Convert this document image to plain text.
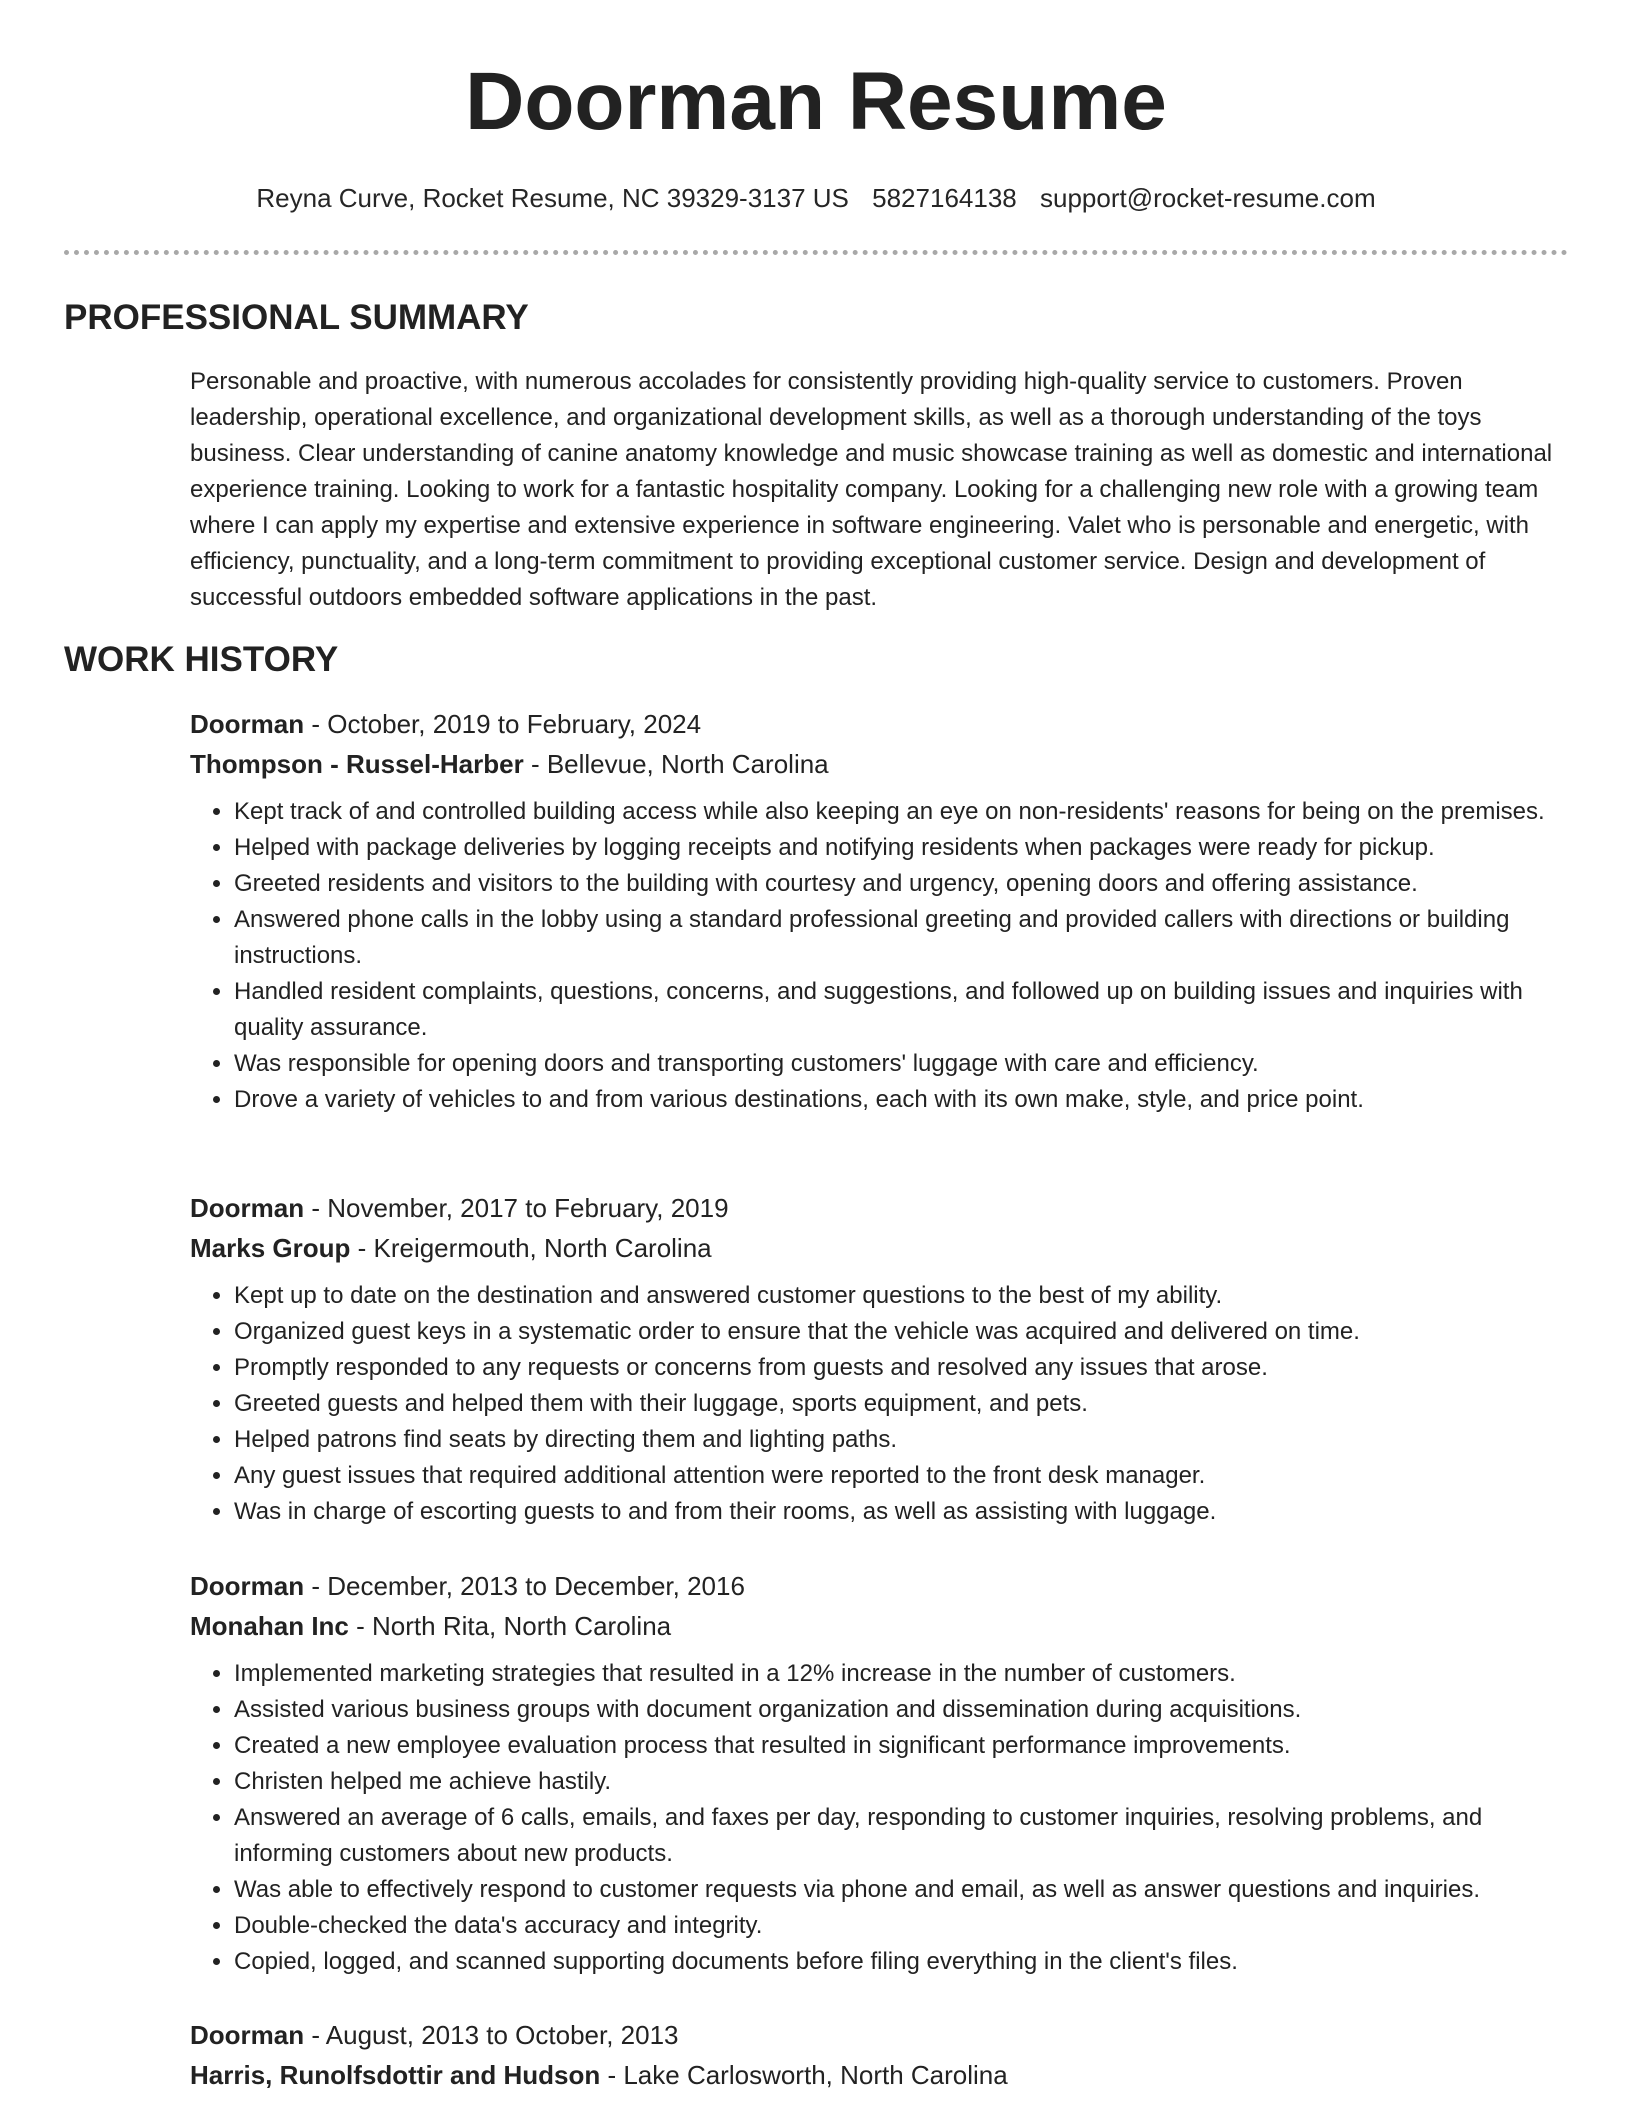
Doorman Resume
Reyna Curve, Rocket Resume, NC 39329-3137 US 5827164138 support@rocket-resume.com
PROFESSIONAL SUMMARY
Personable and proactive, with numerous accolades for consistently providing high-quality service to customers. Proven leadership, operational excellence, and organizational development skills, as well as a thorough understanding of the toys business. Clear understanding of canine anatomy knowledge and music showcase training as well as domestic and international experience training. Looking to work for a fantastic hospitality company. Looking for a challenging new role with a growing team where I can apply my expertise and extensive experience in software engineering. Valet who is personable and energetic, with efficiency, punctuality, and a long-term commitment to providing exceptional customer service. Design and development of successful outdoors embedded software applications in the past.
WORK HISTORY
Doorman - October, 2019 to February, 2024
Thompson - Russel-Harber - Bellevue, North Carolina
• Kept track of and controlled building access while also keeping an eye on non-residents' reasons for being on the premises.
• Helped with package deliveries by logging receipts and notifying residents when packages were ready for pickup.
• Greeted residents and visitors to the building with courtesy and urgency, opening doors and offering assistance.
• Answered phone calls in the lobby using a standard professional greeting and provided callers with directions or building instructions.
• Handled resident complaints, questions, concerns, and suggestions, and followed up on building issues and inquiries with quality assurance.
• Was responsible for opening doors and transporting customers' luggage with care and efficiency.
• Drove a variety of vehicles to and from various destinations, each with its own make, style, and price point.
Doorman - November, 2017 to February, 2019
Marks Group - Kreigermouth, North Carolina
• Kept up to date on the destination and answered customer questions to the best of my ability.
• Organized guest keys in a systematic order to ensure that the vehicle was acquired and delivered on time.
• Promptly responded to any requests or concerns from guests and resolved any issues that arose.
• Greeted guests and helped them with their luggage, sports equipment, and pets.
• Helped patrons find seats by directing them and lighting paths.
• Any guest issues that required additional attention were reported to the front desk manager.
• Was in charge of escorting guests to and from their rooms, as well as assisting with luggage.
Doorman - December, 2013 to December, 2016
Monahan Inc - North Rita, North Carolina
• Implemented marketing strategies that resulted in a 12% increase in the number of customers.
• Assisted various business groups with document organization and dissemination during acquisitions.
• Created a new employee evaluation process that resulted in significant performance improvements.
• Christen helped me achieve hastily.
• Answered an average of 6 calls, emails, and faxes per day, responding to customer inquiries, resolving problems, and informing customers about new products.
• Was able to effectively respond to customer requests via phone and email, as well as answer questions and inquiries.
• Double-checked the data's accuracy and integrity.
• Copied, logged, and scanned supporting documents before filing everything in the client's files.
Doorman - August, 2013 to October, 2013
Harris, Runolfsdottir and Hudson - Lake Carlosworth, North Carolina
